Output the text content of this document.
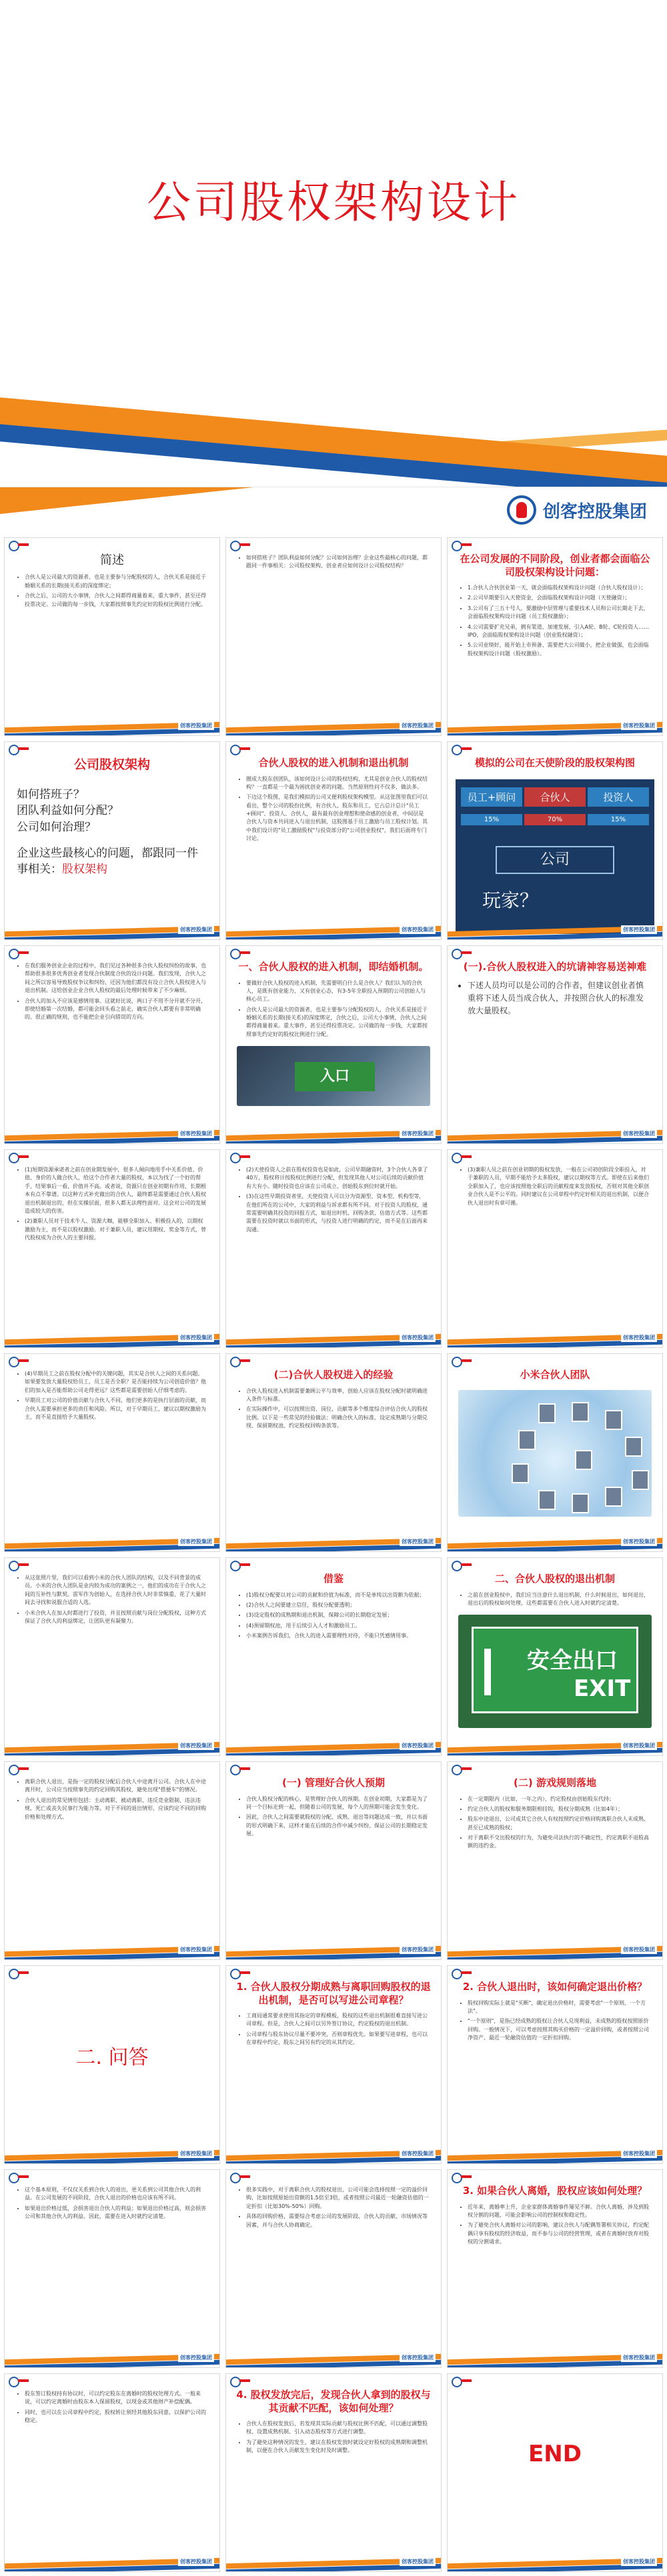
公司股权架构设计
创客控股集团
简述
• 合伙人是公司最大的资源者，也是主要参与分配股权的人，合伙关系是接近于婚姻关系的长期(接关系)的深度绑定；
• 合伙之后，公司的大小事情，合伙人之间都得商量着来，重大事件，甚至还得投票决定。公司做的每一步钱，大家都按照事先约定好的股权比例进行分配。
创客控股集团
• 如何搭班子？团队利益如何分配？公司如何治理？企业这些最核心的问题，都跟同一件事相关：公司股权架构、创业者应如何设计公司股权结构？
创客控股集团
在公司发展的不同阶段，创业者都会面临公司股权架构设计问题：
• 1.合伙人合伙创业第一天，就会面临股权架构设计问题（合伙人股权设计）；
• 2.公司早期要引入天使资金，会面临股权架构设计问题（天使融资）；
• 3.公司有了三五十号人，要激励中层管理与重要技术人员和公司长期走下去，会面临股权架构设计问题（员工股权激励）；
• 4.公司需要扩充兄弟，拥有渠道、加速发展、引入A轮、B轮、C轮投资人……IPO，会面临股权架构设计问题（创业股权融资）；
• 5.公司业绩好，能开始上市预备、需要把大公司做小，把企业做强，也会面临股权架构设计问题（股权激励）。
创客控股集团
公司股权架构
如何搭班子？
团队利益如何分配？
公司如何治理？
企业这些最核心的问题，都跟同一件事相关：股权架构
创客控股集团
合伙人股权的进入机制和退出机制
• 圈成大股东创团队，该如何设计公司的股权结构，尤其是创业合伙人的股权结构？一直都是一个最为困扰创业者的问题。当然原则性问不仅多，做法多。
• 下边这个股图，是我们模拟的公司又便利股权架构模型。从这张图里我们可以看出，整个公司的股份比例，有合伙人、股东和员工，它占总计总计"员工+顾问"、投资人、合伙人，最有最有创业理想和使命感的创业者，中间层是合伙人与资本共同进入与退出机制，这股图基于员工激励与员工股权计划。其中我们设计的"员工激励股权"与投资部分的"公司创业股权"，我们后面将专门讨论。
创客控股集团
模拟的公司在天使阶段的股权架构图
员工+顾问	合伙人	投资人
15%	70%	15%
公司
玩家？
创客控股集团
• 在我们服务创业企业的过程中，我们见过各种很多合伙人股权纠纷的故事，也帮助很多很多优秀创业者发现合伙制度合伙的设计问题。我们发现，合伙人之间之所以容易导致股权争议和纠纷，还因为他们都没有设立合伙人股权进入与退出机制。这给创业企业合伙人股权的最后处理时候带来了不少麻烦。
• 合伙人的加入不应该是感情用事。这就好比说，两口子不用不分开就不分开，即使结婚第一次结婚，都可能会回头看之前走，确实合伙人都要有非常明确的、很正确的规则，也不能把企业引向错误的方向。
创客控股集团
一、合伙人股权的进入机制，即结婚机制。
• 要做好合伙人股权的进入机制，先需要明白什么是合伙人？我们认为的合伙人，是既有创业能力，又有创业心态，有3-5年全职投入预期的公司创始人与核心员工。
• 合伙人是公司最大的资源者，也是主要参与分配股权的人，合伙关系是接近于婚姻关系的长期(接关系)的深度绑定，合伙之后，公司大小事情，合伙人之间都得商量着来。重大事件，甚至还得投票决定。公司做的每一步钱，大家都按照事先约定好的股权比例进行分配。
入口
创客控股集团
(一).合伙人股权进入的坑请神容易送神难
• 下述人员均可以是公司的合作者，但建议创业者慎重将下述人员当成合伙人，并按照合伙人的标准发放大量股权。
创客控股集团
• (1)短期资源承诺者之前在创业期发展中，很多人倾向地用手中关系价值、价值、身价的人做合伙人，给这个合作者大量的股权，本以为找了一个好的帮手，结果事后一看，价值并不高。或者说，资源只在创业初期有作用，长期根本有点不靠谱。以这种方式补充做出的合伙人，最终都是需要通过合伙人股权退出机制退出的，但在实操层面，很多人都无法理性面对。这会对公司的发展造成较大的伤害。
• (2)兼职人员对于技术牛人、资源大咖，能够全职加入、积极投入的，以期权激励为主，而不是以股权激励。对于兼职人员，建议用期权、奖金等方式，替代股权成为合伙人的主要回报。
创客控股集团
• (2)天使投资人之前在股权投资也是如此，公司早期融资时，3个合伙人各拿了40万，股权将计按股权比例进行分配，但发现其他人对公司后续的贡献价值有大有小。随时投资也应该在公司成立、创始股东到位时就开始。
• (3)在这些早期投资者里，天使投资人可以分为资源型、资本型、机构型等，在他们所在的公司中，大家的利益与诉求都有所不同。对于投资人的股权，通常需要明确其投资的回报方式，如退出时机、回购条款、估值方式等。这些都需要在投资时就以书面的形式，与投资人进行明确的约定，而不是在后面再来沟通。
创客控股集团
• (3)兼职人员之前在创业初期的股权发放，一般在公司初创阶段全职投入，对于兼职的人员，早期不能给予太多股权，建议以期权等方式。即使在后来他们全职加入了，也应该按照他全职后的贡献程度来发放股权，否则对其他全职创业合伙人是不公平的。同时建议在公司章程中约定好相关的退出机制，以便合伙人退出时有章可循。
创客控股集团
• (4)早期员工之前在股权分配中的关键问题，其实是合伙人之间的关系问题。如果要发放大量股权给员工，员工是否全职？是否能持续为公司创造价值？他们的加入是否能帮助公司走得更远？这些都是需要创始人仔细考虑的。
• 早期员工对公司的价值贡献与合伙人不同，他们更多的是执行层面的贡献，而合伙人需要承担更多的责任和风险。所以，对于早期员工，建议以期权激励为主，而不是直接给予大量股权。
创客控股集团
(二)合伙人股权进入的经验
• 合伙人股权进入机制需要兼顾公平与效率，创始人应该在股权分配时就明确进入条件与标准。
• 在实际操作中，可以按照出资、岗位、贡献等多个维度综合评估合伙人的股权比例。以下是一些常见的经验做法：明确合伙人的标准、设定成熟期与分期兑现、保留期权池、约定股权回购条款等。
创客控股集团
小米合伙人团队
创客控股集团
• 从这张照片里，我们可以看到小米的合伙人团队的结构，以及不同背景的成员。小米的合伙人团队是业内较为成功的案例之一，他们的成功在于合伙人之间的互补性与默契。雷军作为创始人，在选择合伙人时非常慎重，花了大量时间去寻找和说服合适的人选。
• 小米合伙人在加入时都进行了投资，并且按照贡献与岗位分配股权，这种方式保证了合伙人的利益绑定，让团队更有凝聚力。
创客控股集团
借鉴
• (1)股权分配要以对公司的贡献和价值为标准，而不是单纯以出资额为依据；
• (2)合伙人之间要建立信任，股权分配要透明；
• (3)设定股权的成熟期和退出机制，保障公司的长期稳定发展；
• (4)预留期权池，用于后续引入人才和激励员工。
• 小米案例告诉我们，合伙人的进入需要理性对待，不能只凭感情用事。
创客控股集团
二、合伙人股权的退出机制
• 之前在创业股权中，我们应当注意什么退出机制，什么时候退出，如何退出，退出后的股权如何处理，这些都需要在合伙人进入时就约定清楚。
安全出口
EXIT
创客控股集团
• 离职合伙人退出，是指一定的股权分配后合伙人中途离开公司。合伙人在中途离开时，公司应当按照事先的约定回购其股权，避免出现"搭便车"的情况。
• 合伙人退出的常见情形包括：主动离职、被动离职、违反竞业限制、违法违规、死亡或丧失民事行为能力等。对于不同的退出情形，应该约定不同的回购价格和处理方式。
创客控股集团
(一) 管理好合伙人预期
• 合伙人股权分配的核心，是管理好合伙人的预期。在创业初期，大家都是为了同一个目标走到一起，但随着公司的发展，每个人的预期可能会发生变化。
• 因此，合伙人之间需要就股权的分配、成熟、退出等问题达成一致，并以书面的形式明确下来，这样才能在后续的合作中减少纠纷，保证公司的长期稳定发展。
创客控股集团
(二) 游戏规则落地
• 在一定期限内（比如，一年之内），约定股权由创始股东代持；
• 约定合伙人的股权和服务期限相挂钩，股权分期成熟（比如4年）；
• 股东中途退出，公司或其它合伙人有权按照约定价格回购离职合伙人未成熟、甚至已成熟的股权；
• 对于离职不交出股权的行为，为避免司法执行的不确定性，约定离职不退股高额的违约金。
创客控股集团
二. 问答
创客控股集团
1. 合伙人股权分期成熟与离职回购股权的退出机制，是否可以写进公司章程？
• 工商局通常要求使用其指定的章程模板，股权的这些退出机制很难直接写进公司章程。但是，合伙人之间可以另外签订协议，约定股权的退出机制。
• 公司章程与股东协议尽量不要冲突，否则章程优先。如果要写进章程，也可以在章程中约定，股东之间另有约定的从其约定。
创客控股集团
2. 合伙人退出时，该如何确定退出价格？
• 股权回购实际上就是"买断"，确定退出价格时，需要考虑"一个原则，一个方法"。
• "一个原则"，是指已经成熟的股权让合伙人兑现利益，未成熟的股权按照原价回购。一般情况下，可以考虑按照其购买价格的一定溢价回购，或者按照公司净资产、最近一轮融资估值的一定折扣回购。
创客控股集团
• 这个基本原则，不仅仅关系到合伙人的退出，更关系到公司其他合伙人的利益。在公司发展的不同阶段，合伙人退出的价格也应该有所不同。
• 如果退出价格过低，会损害退出合伙人的利益；如果退出价格过高，则会损害公司和其他合伙人的利益。因此，需要在进入时就约定清楚。
创客控股集团
• 很多实践中，对于离职合伙人的股权退出，公司可能会选择按照一定的溢价回购，比如按照原始出资额的1.5倍至3倍，或者按照公司最近一轮融资估值的一定折扣（比如30%-50%）回购。
• 具体的回购价格，需要综合考虑公司的发展阶段、合伙人的贡献、市场情况等因素，并与合伙人协商确定。
创客控股集团
3. 如果合伙人离婚，股权应该如何处理？
• 近年来，离婚率上升，企业家群体离婚事件屡见不鲜。合伙人离婚，涉及到股权分割的问题，可能会影响公司的控制权和稳定性。
• 为了避免合伙人离婚对公司的影响，建议合伙人与配偶签署相关协议，约定配偶只享有股权的经济收益，而不参与公司的经营管理，或者在离婚时放弃对股权的分割请求。
创客控股集团
• 股东签订股权持有协议时，可以约定股东在离婚时的股权处理方式。一般来说，可以约定离婚时由股东本人保留股权，以现金或其他财产补偿配偶。
• 同时，也可以在公司章程中约定，股权转让须经其他股东同意，以保护公司的稳定。
创客控股集团
4. 股权发放完后，发现合伙人拿到的股权与其贡献不匹配，该如何处理？
• 合伙人在股权发放后，若发现其实际贡献与股权比例不匹配，可以通过调整股权、设置成熟机制、引入动态股权等方式进行调整。
• 为了避免这种情况的发生，建议在股权发放时就设定好股权的成熟期和调整机制，以便在合伙人贡献发生变化时及时调整。
创客控股集团
END
创客控股集团
